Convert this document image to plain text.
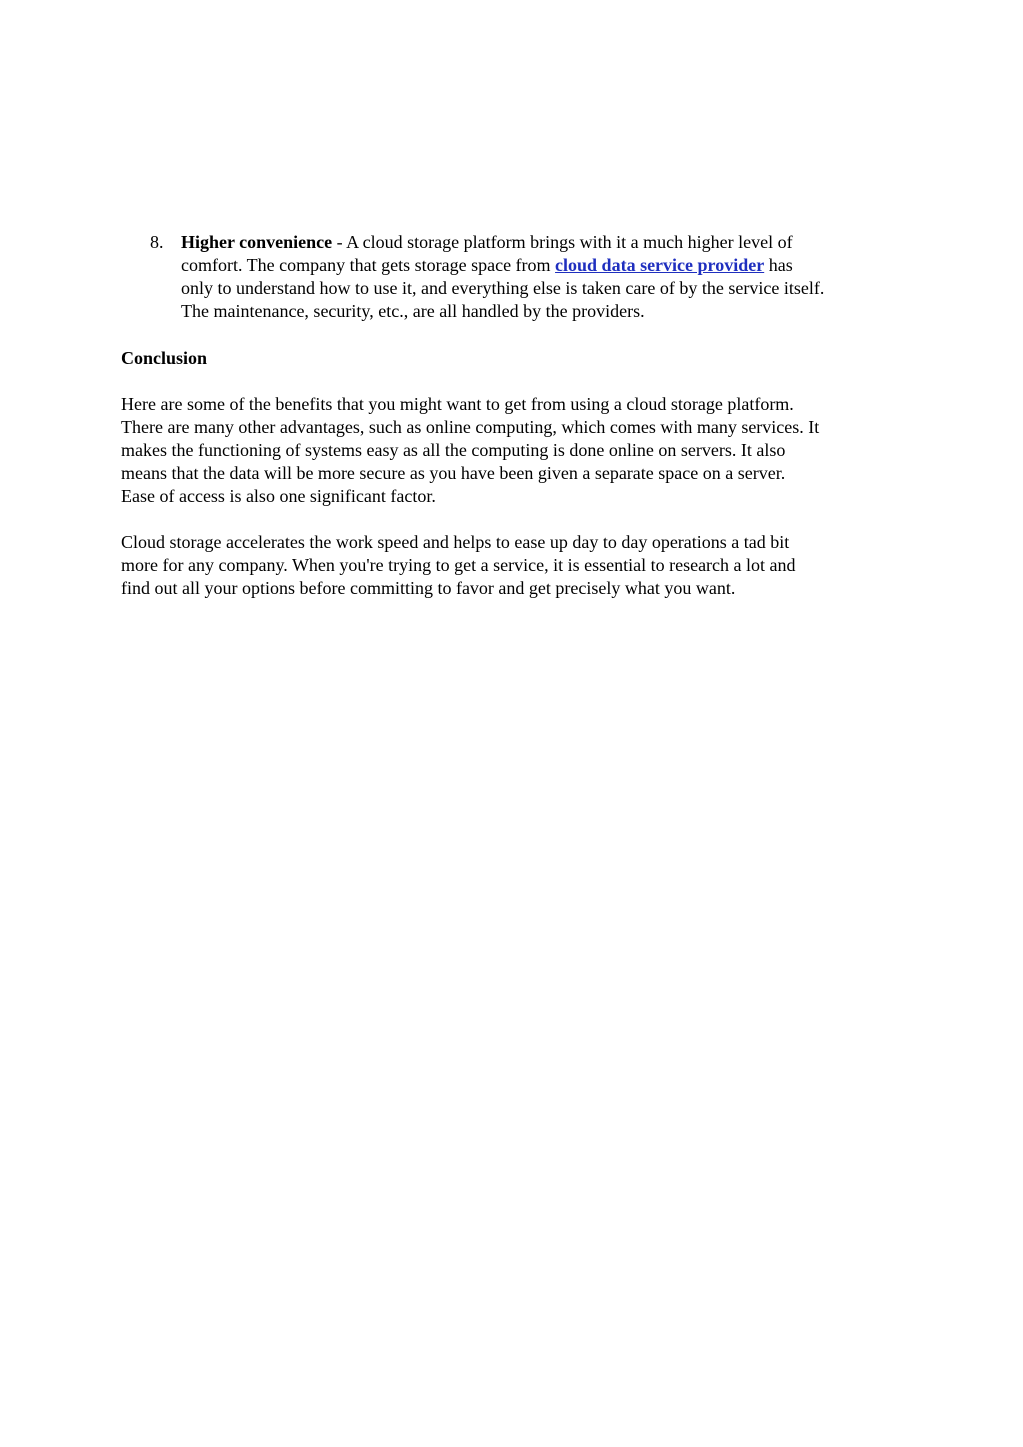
8. Higher convenience - A cloud storage platform brings with it a much higher level of
comfort. The company that gets storage space from cloud data service provider has
only to understand how to use it, and everything else is taken care of by the service itself.
The maintenance, security, etc., are all handled by the providers.
Conclusion
Here are some of the benefits that you might want to get from using a cloud storage platform.
There are many other advantages, such as online computing, which comes with many services. It
makes the functioning of systems easy as all the computing is done online on servers. It also
means that the data will be more secure as you have been given a separate space on a server.
Ease of access is also one significant factor.
Cloud storage accelerates the work speed and helps to ease up day to day operations a tad bit
more for any company. When you're trying to get a service, it is essential to research a lot and
find out all your options before committing to favor and get precisely what you want.
